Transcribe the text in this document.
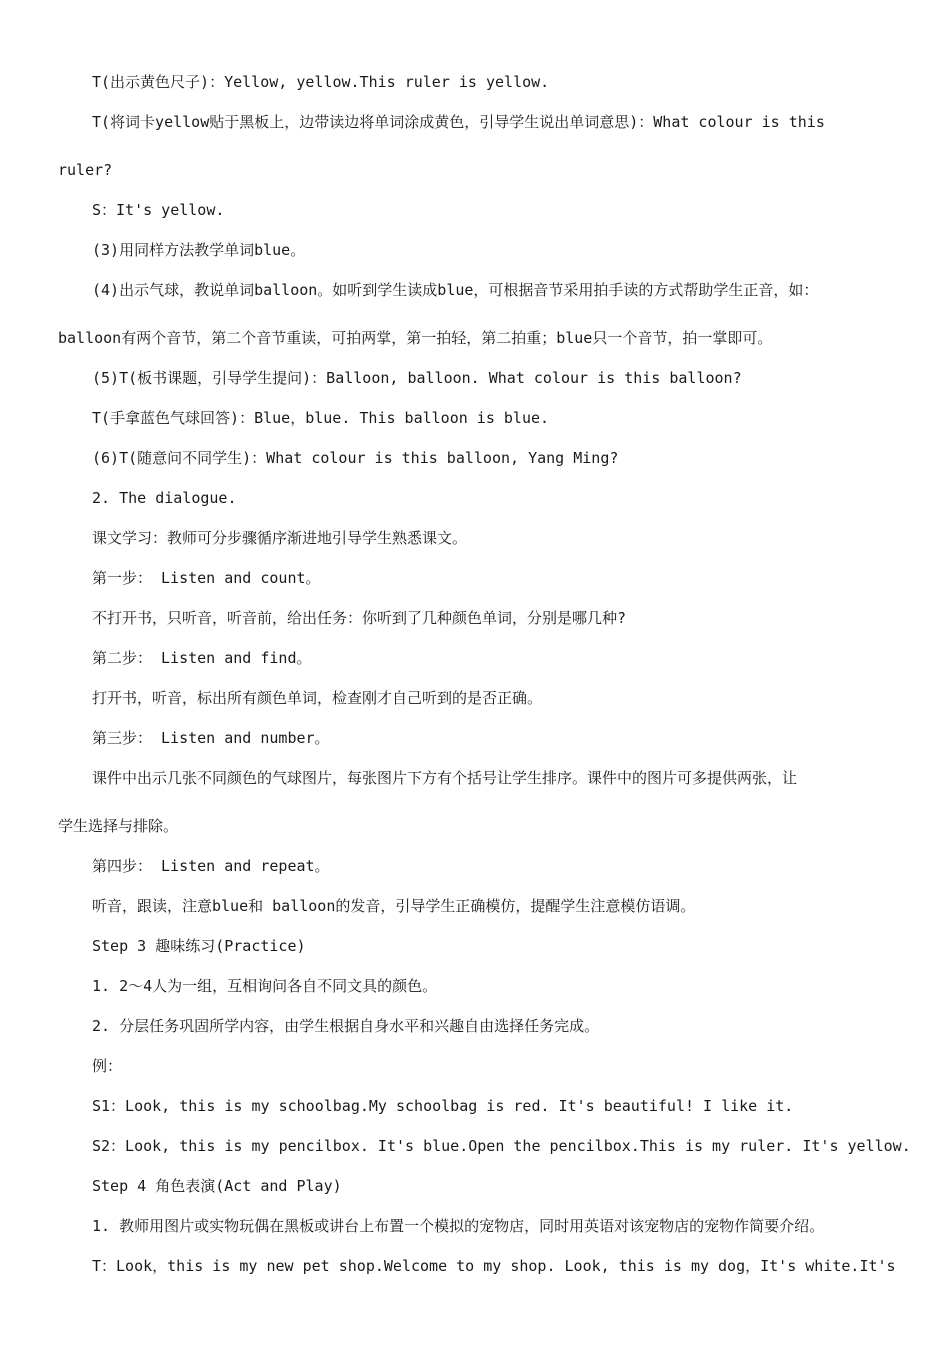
T(出示黄色尺子)：Yellow, yellow.This ruler is yellow.
T(将词卡yellow贴于黑板上，边带读边将单词涂成黄色，引导学生说出单词意思)：What colour is this
ruler?
S：It's yellow.
(3)用同样方法教学单词blue。
(4)出示气球，教说单词balloon。如听到学生读成blue，可根据音节采用拍手读的方式帮助学生正音，如：
balloon有两个音节，第二个音节重读，可拍两掌，第一拍轻，第二拍重；blue只一个音节，拍一掌即可。
(5)T(板书课题，引导学生提问)：Balloon, balloon. What colour is this balloon?
T(手拿蓝色气球回答)：Blue，blue. This balloon is blue.
(6)T(随意问不同学生)：What colour is this balloon, Yang Ming?
2. The dialogue.
课文学习：教师可分步骤循序渐进地引导学生熟悉课文。
第一步： Listen and count。
不打开书，只听音，听音前，给出任务：你听到了几种颜色单词，分别是哪几种?
第二步： Listen and find。
打开书，听音，标出所有颜色单词，检查刚才自己听到的是否正确。
第三步： Listen and number。
课件中出示几张不同颜色的气球图片，每张图片下方有个括号让学生排序。课件中的图片可多提供两张，让
学生选择与排除。
第四步： Listen and repeat。
听音，跟读，注意blue和 balloon的发音，引导学生正确模仿，提醒学生注意模仿语调。
Step 3 趣味练习(Practice)
1. 2～4人为一组，互相询问各自不同文具的颜色。
2. 分层任务巩固所学内容，由学生根据自身水平和兴趣自由选择任务完成。
例：
S1：Look, this is my schoolbag.My schoolbag is red. It's beautiful! I like it.
S2：Look, this is my pencilbox. It's blue.Open the pencilbox.This is my ruler. It's yellow.
Step 4 角色表演(Act and Play)
1. 教师用图片或实物玩偶在黑板或讲台上布置一个模拟的宠物店，同时用英语对该宠物店的宠物作简要介绍。
T：Look，this is my new pet shop.Welcome to my shop. Look, this is my dog，It's white.It's
